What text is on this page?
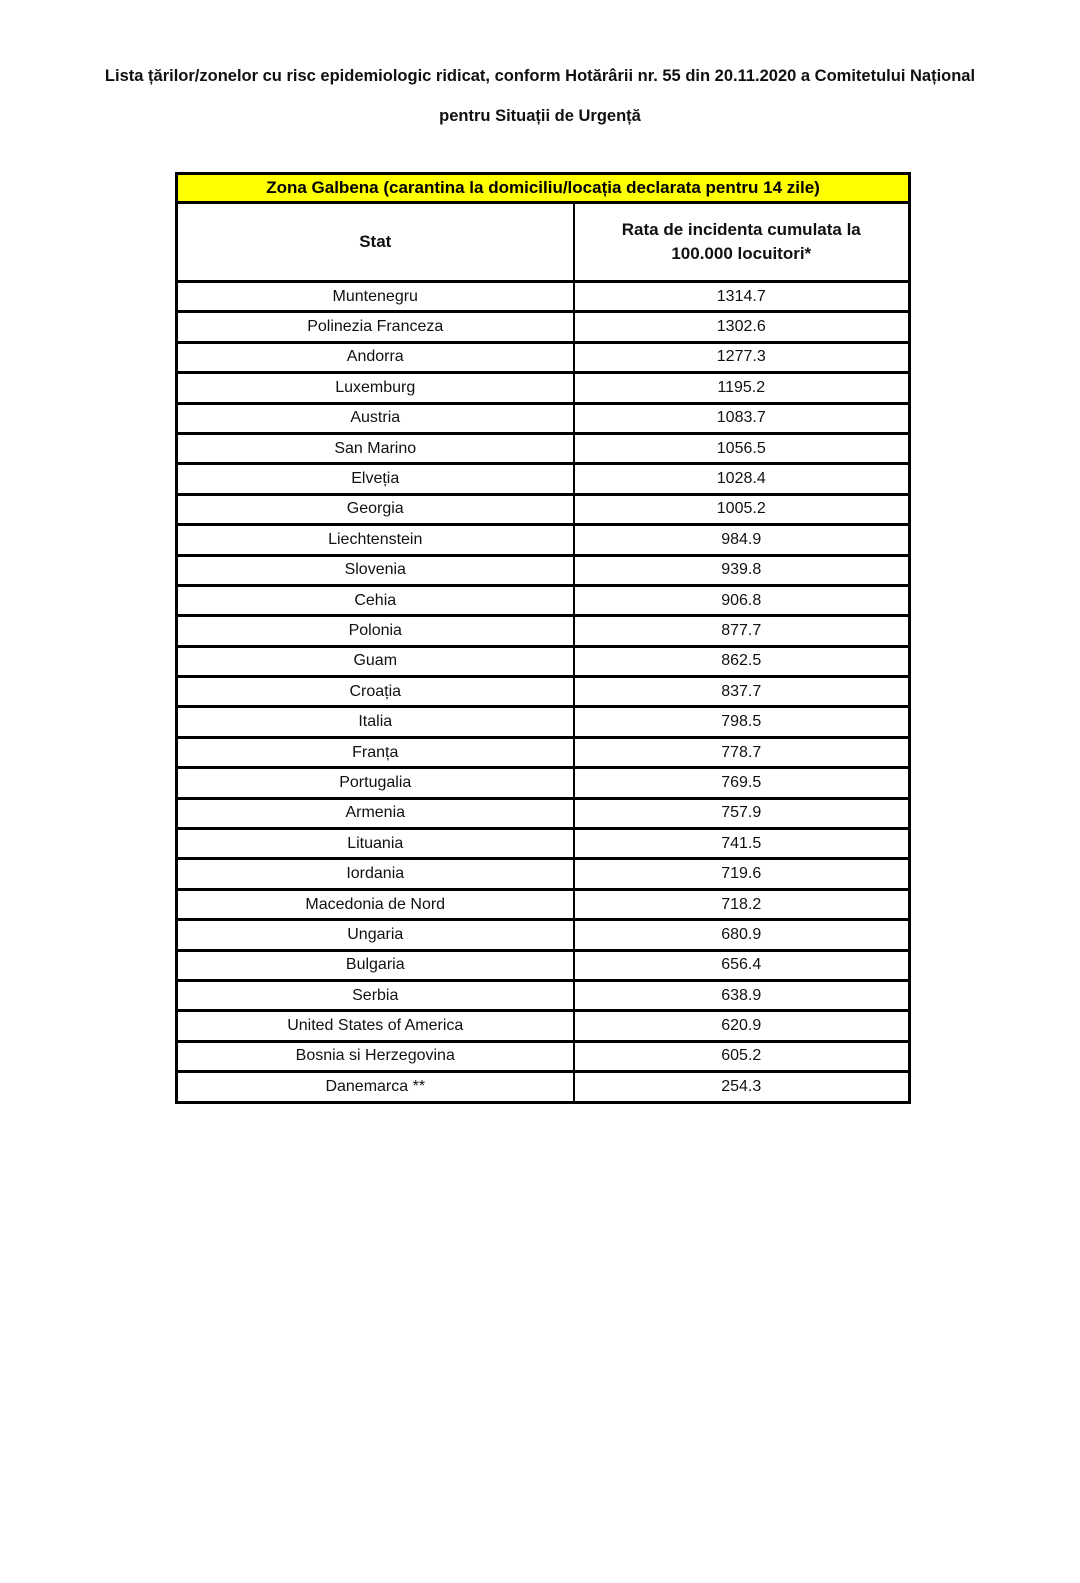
Lista țărilor/zonelor cu risc epidemiologic ridicat, conform Hotărârii nr. 55 din 20.11.2020 a Comitetului Național
pentru Situații de Urgență
Zona Galbena (carantina la domiciliu/locația declarata pentru 14 zile)	
Stat	Rata de incidenta cumulata la
100.000 locuitori*

Muntenegru	1314.7
Polinezia Franceza	1302.6
Andorra	1277.3
Luxemburg	1195.2
Austria	1083.7
San Marino	1056.5
Elveția	1028.4
Georgia	1005.2
Liechtenstein	984.9
Slovenia	939.8
Cehia	906.8
Polonia	877.7
Guam	862.5
Croația	837.7
Italia	798.5
Franța	778.7
Portugalia	769.5
Armenia	757.9
Lituania	741.5
Iordania	719.6
Macedonia de Nord	718.2
Ungaria	680.9
Bulgaria	656.4
Serbia	638.9
United States of America	620.9
Bosnia si Herzegovina	605.2
Danemarca **	254.3
